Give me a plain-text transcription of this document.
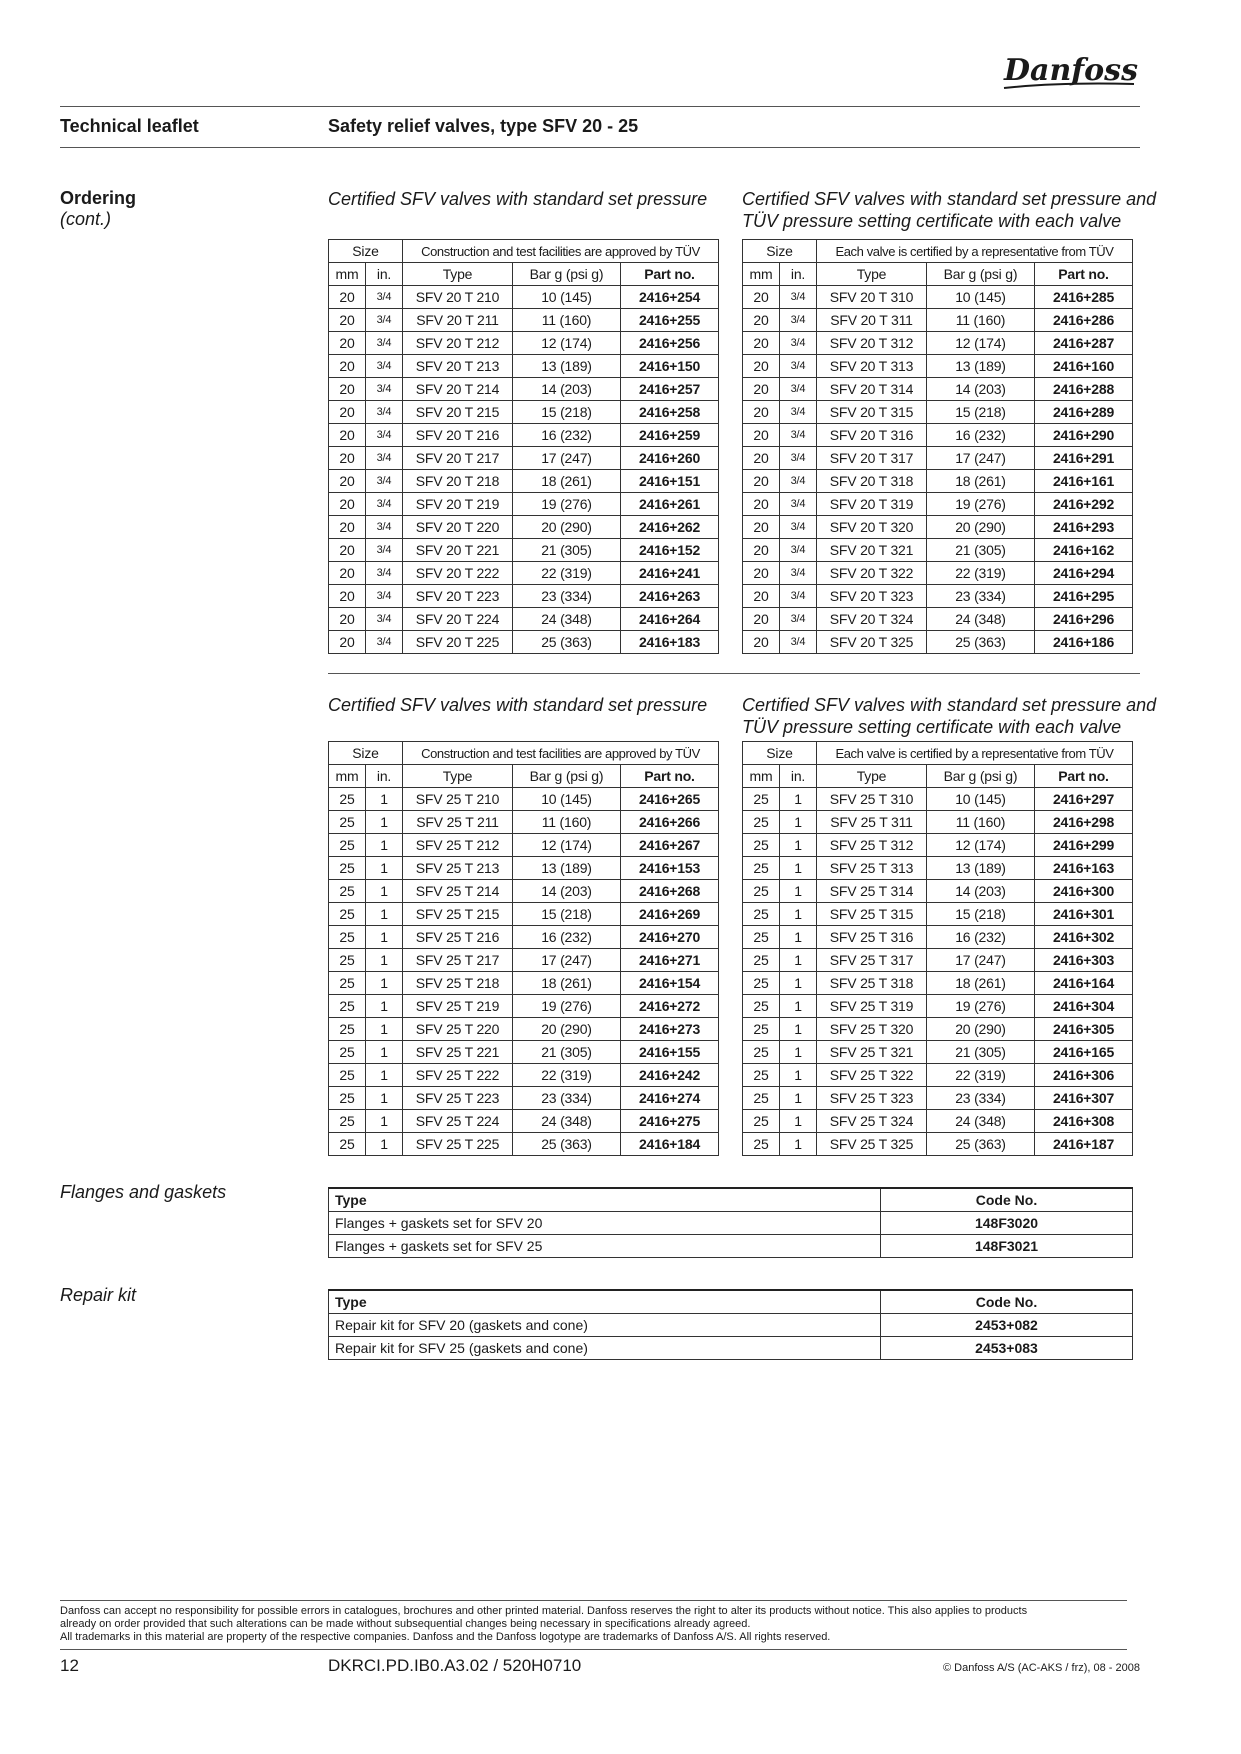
Danfoss
Technical leaflet	Safety relief valves, type SFV 20 - 25
Ordering
(cont.)
Certified SFV valves with standard set pressure Certified SFV valves with standard set pressure and
TÜV pressure setting certificate with each valve
Size		Construction and test facilities are approved by TÜV		
mm	in.	Type	Bar g (psi g)	Part no.
20	3/4	SFV 20 T 210	10 (145)	2416+254
20	3/4	SFV 20 T 211	11 (160)	2416+255
20	3/4	SFV 20 T 212	12 (174)	2416+256
20	3/4	SFV 20 T 213	13 (189)	2416+150
20	3/4	SFV 20 T 214	14 (203)	2416+257
20	3/4	SFV 20 T 215	15 (218)	2416+258
20	3/4	SFV 20 T 216	16 (232)	2416+259
20	3/4	SFV 20 T 217	17 (247)	2416+260
20	3/4	SFV 20 T 218	18 (261)	2416+151
20	3/4	SFV 20 T 219	19 (276)	2416+261
20	3/4	SFV 20 T 220	20 (290)	2416+262
20	3/4	SFV 20 T 221	21 (305)	2416+152
20	3/4	SFV 20 T 222	22 (319)	2416+241
20	3/4	SFV 20 T 223	23 (334)	2416+263
20	3/4	SFV 20 T 224	24 (348)	2416+264
20	3/4	SFV 20 T 225	25 (363)	2416+183
Size		Each valve is certified by a representative from TÜV		
mm	in.	Type	Bar g (psi g)	Part no.
20	3/4	SFV 20 T 310	10 (145)	2416+285
20	3/4	SFV 20 T 311	11 (160)	2416+286
20	3/4	SFV 20 T 312	12 (174)	2416+287
20	3/4	SFV 20 T 313	13 (189)	2416+160
20	3/4	SFV 20 T 314	14 (203)	2416+288
20	3/4	SFV 20 T 315	15 (218)	2416+289
20	3/4	SFV 20 T 316	16 (232)	2416+290
20	3/4	SFV 20 T 317	17 (247)	2416+291
20	3/4	SFV 20 T 318	18 (261)	2416+161
20	3/4	SFV 20 T 319	19 (276)	2416+292
20	3/4	SFV 20 T 320	20 (290)	2416+293
20	3/4	SFV 20 T 321	21 (305)	2416+162
20	3/4	SFV 20 T 322	22 (319)	2416+294
20	3/4	SFV 20 T 323	23 (334)	2416+295
20	3/4	SFV 20 T 324	24 (348)	2416+296
20	3/4	SFV 20 T 325	25 (363)	2416+186
Certified SFV valves with standard set pressure Certified SFV valves with standard set pressure and
TÜV pressure setting certificate with each valve
Size		Construction and test facilities are approved by TÜV		
mm	in.	Type	Bar g (psi g)	Part no.
25	1	SFV 25 T 210	10 (145)	2416+265
25	1	SFV 25 T 211	11 (160)	2416+266
25	1	SFV 25 T 212	12 (174)	2416+267
25	1	SFV 25 T 213	13 (189)	2416+153
25	1	SFV 25 T 214	14 (203)	2416+268
25	1	SFV 25 T 215	15 (218)	2416+269
25	1	SFV 25 T 216	16 (232)	2416+270
25	1	SFV 25 T 217	17 (247)	2416+271
25	1	SFV 25 T 218	18 (261)	2416+154
25	1	SFV 25 T 219	19 (276)	2416+272
25	1	SFV 25 T 220	20 (290)	2416+273
25	1	SFV 25 T 221	21 (305)	2416+155
25	1	SFV 25 T 222	22 (319)	2416+242
25	1	SFV 25 T 223	23 (334)	2416+274
25	1	SFV 25 T 224	24 (348)	2416+275
25	1	SFV 25 T 225	25 (363)	2416+184
Size		Each valve is certified by a representative from TÜV		
mm	in.	Type	Bar g (psi g)	Part no.
25	1	SFV 25 T 310	10 (145)	2416+297
25	1	SFV 25 T 311	11 (160)	2416+298
25	1	SFV 25 T 312	12 (174)	2416+299
25	1	SFV 25 T 313	13 (189)	2416+163
25	1	SFV 25 T 314	14 (203)	2416+300
25	1	SFV 25 T 315	15 (218)	2416+301
25	1	SFV 25 T 316	16 (232)	2416+302
25	1	SFV 25 T 317	17 (247)	2416+303
25	1	SFV 25 T 318	18 (261)	2416+164
25	1	SFV 25 T 319	19 (276)	2416+304
25	1	SFV 25 T 320	20 (290)	2416+305
25	1	SFV 25 T 321	21 (305)	2416+165
25	1	SFV 25 T 322	22 (319)	2416+306
25	1	SFV 25 T 323	23 (334)	2416+307
25	1	SFV 25 T 324	24 (348)	2416+308
25	1	SFV 25 T 325	25 (363)	2416+187
Flanges and gaskets	Type	Code No.
Flanges + gaskets set for SFV 20	148F3020
Flanges + gaskets set for SFV 25	148F3021
Repair kit	Type	Code No.
Repair kit for SFV 20 (gaskets and cone)	2453+082
Repair kit for SFV 25 (gaskets and cone)	2453+083
Danfoss can accept no responsibility for possible errors in catalogues, brochures and other printed material. Danfoss reserves the right to alter its products without notice. This also applies to products
already on order provided that such alterations can be made without subsequential changes being necessary in specifications already agreed.
All trademarks in this material are property of the respective companies. Danfoss and the Danfoss logotype are trademarks of Danfoss A/S. All rights reserved.
12	DKRCI.PD.IB0.A3.02 / 520H0710	© Danfoss A/S (AC-AKS / frz), 08 - 2008
